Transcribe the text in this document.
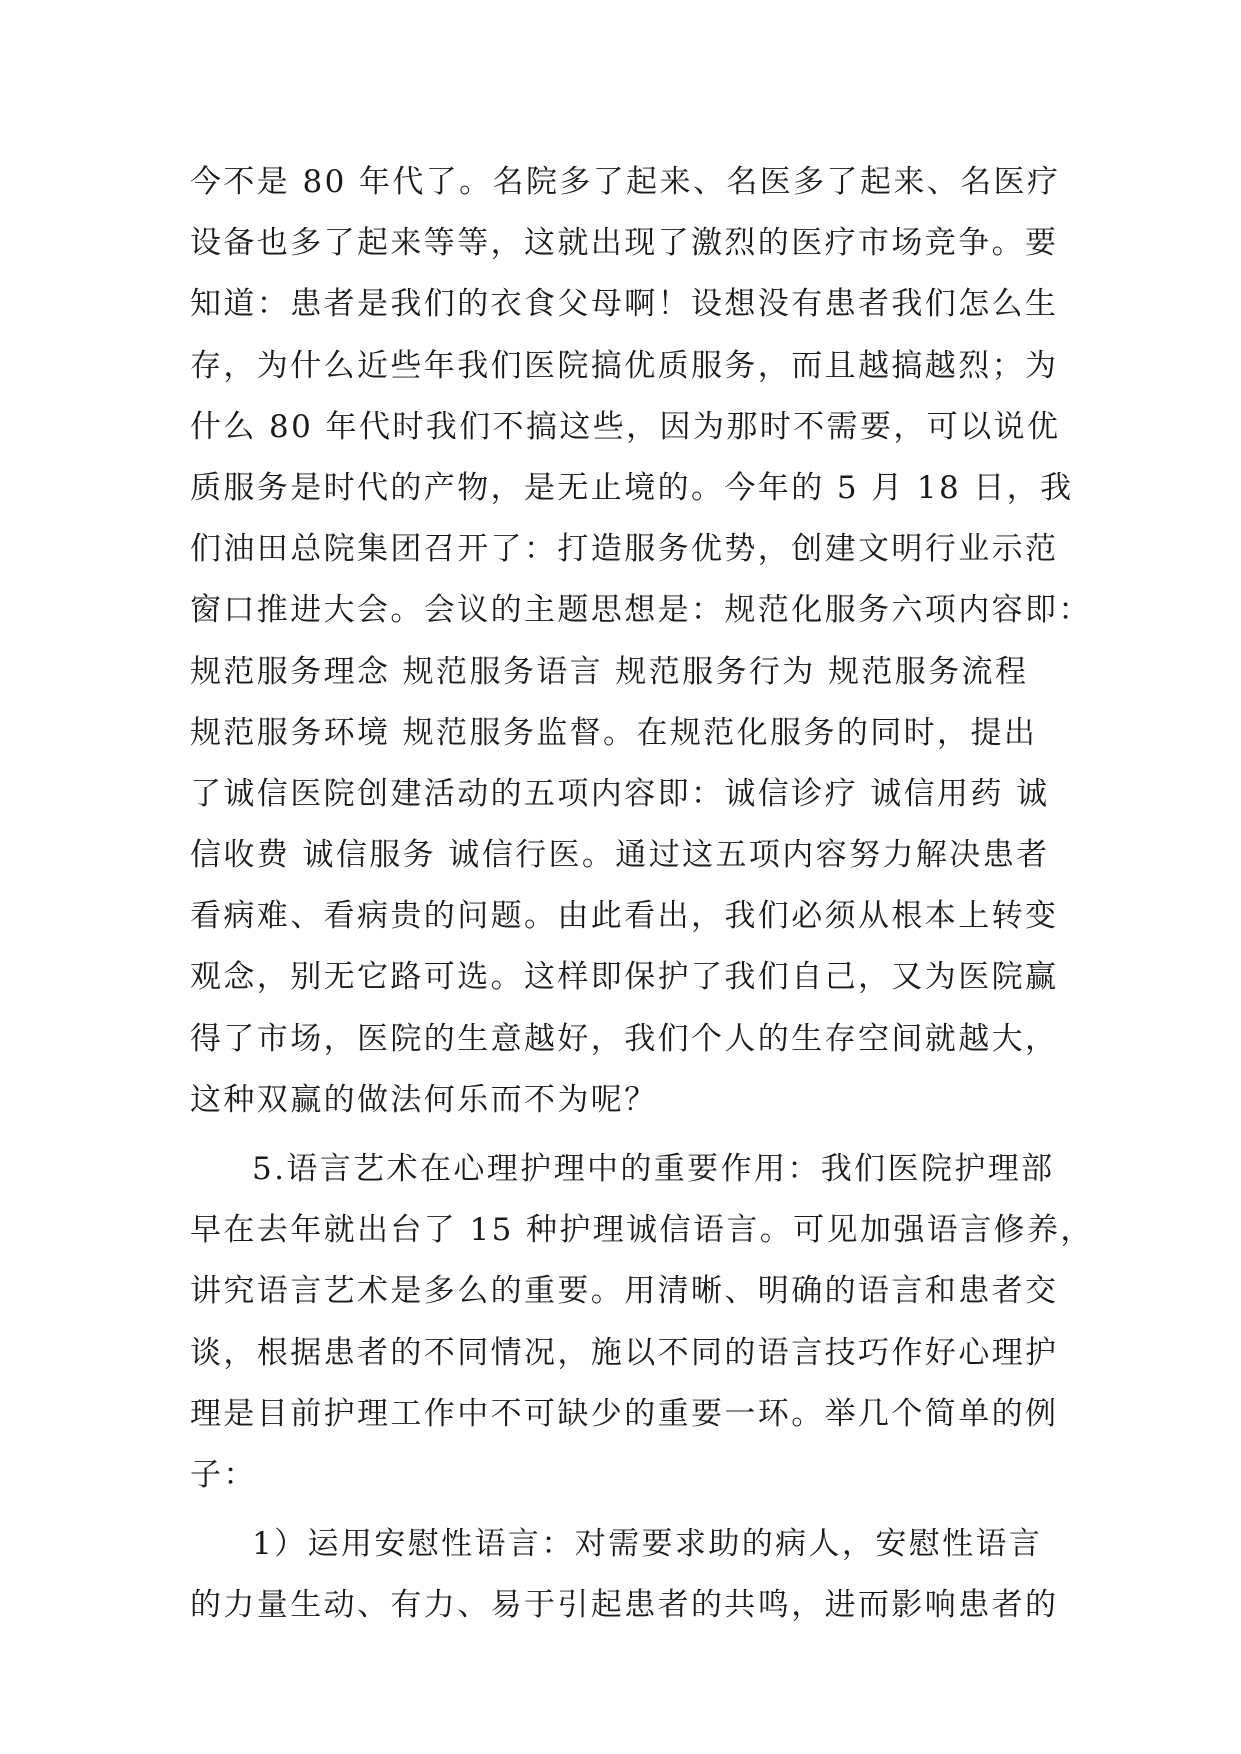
今不是 80 年代了。名院多了起来、名医多了起来、名医疗
设备也多了起来等等，这就出现了激烈的医疗市场竞争。要
知道：患者是我们的衣食父母啊！设想没有患者我们怎么生
存，为什么近些年我们医院搞优质服务，而且越搞越烈；为
什么 80 年代时我们不搞这些，因为那时不需要，可以说优
质服务是时代的产物，是无止境的。今年的 5 月 18 日，我
们油田总院集团召开了：打造服务优势，创建文明行业示范
窗口推进大会。会议的主题思想是：规范化服务六项内容即：
规范服务理念 规范服务语言 规范服务行为 规范服务流程
规范服务环境 规范服务监督。在规范化服务的同时，提出
了诚信医院创建活动的五项内容即：诚信诊疗 诚信用药 诚
信收费 诚信服务 诚信行医。通过这五项内容努力解决患者
看病难、看病贵的问题。由此看出，我们必须从根本上转变
观念，别无它路可选。这样即保护了我们自己，又为医院赢
得了市场，医院的生意越好，我们个人的生存空间就越大，
这种双赢的做法何乐而不为呢？
5.语言艺术在心理护理中的重要作用：我们医院护理部
早在去年就出台了 15 种护理诚信语言。可见加强语言修养，
讲究语言艺术是多么的重要。用清晰、明确的语言和患者交
谈，根据患者的不同情况，施以不同的语言技巧作好心理护
理是目前护理工作中不可缺少的重要一环。举几个简单的例
子：
1）运用安慰性语言：对需要求助的病人，安慰性语言
的力量生动、有力、易于引起患者的共鸣，进而影响患者的
